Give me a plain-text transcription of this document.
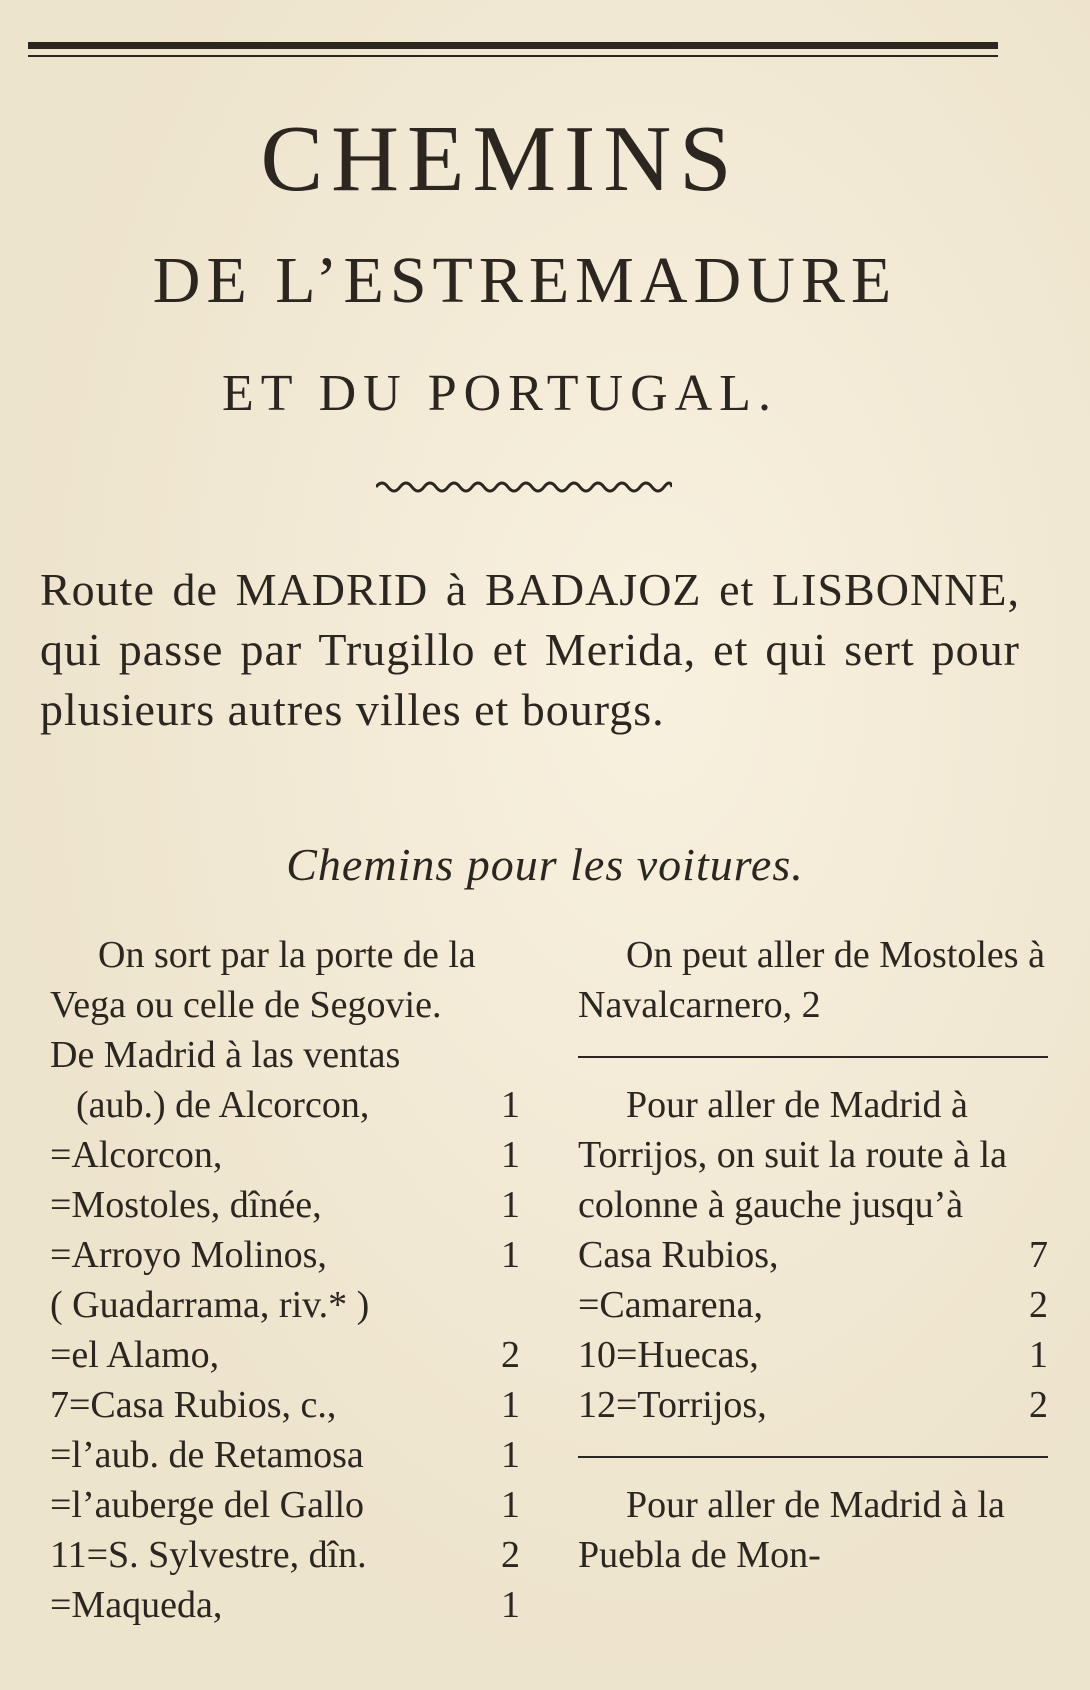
CHEMINS
DE L’ESTREMADURE
ET DU PORTUGAL.
Route de MADRID à BADAJOZ et LISBONNE, qui passe par Trugillo et Merida, et qui sert pour plusieurs autres villes et bourgs.
Chemins pour les voitures.

On sort par la porte de la Vega ou celle de Segovie.

De Madrid à las ventas
(aub.) de Alcorcon,	1
=Alcorcon,	1
=Mostoles, dînée,	1
=Arroyo Molinos,	1
( Guadarrama, riv.* )
=el Alamo,	2
7=Casa Rubios, c.,	1
=l’aub. de Retamosa	1
=l’auberge del Gallo	1
11=S. Sylvestre, dîn.	2
=Maqueda,	1

On peut aller de Mostoles à Navalcarnero, 2

Pour aller de Madrid à Torrijos, on suit la route à la colonne à gauche jusqu’à

Casa Rubios,	7
=Camarena,	2
10=Huecas,	1
12=Torrijos,	2

Pour aller de Madrid à la Puebla de Mon-
